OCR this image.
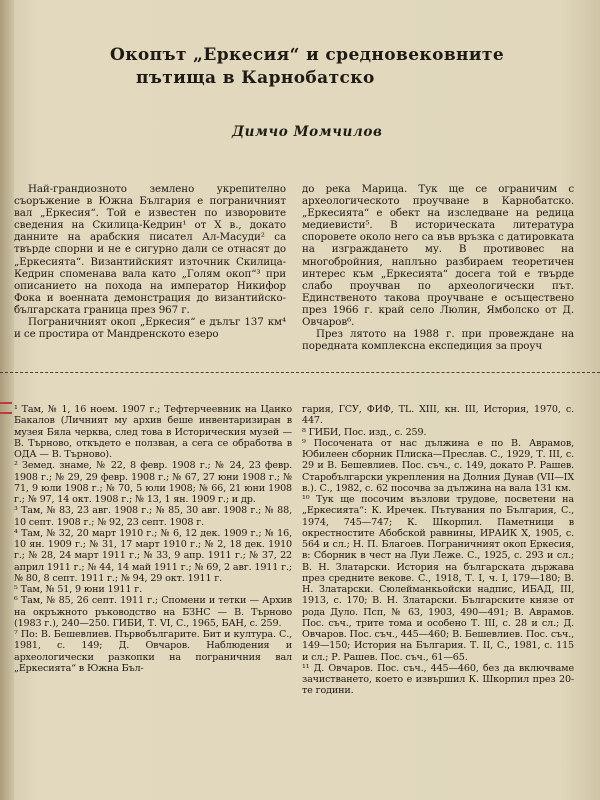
Окопът „Еркесия“ и средновековните
пътища в Карнобатско
Димчо Момчилов

Най-грандиозното землено укрепително съоръжение в Южна България е пограничният вал „Еркесия“. Той е известен по изворовите сведения на Скилица-Кедрин¹ от X в., докато данните на арабския писател Ал-Масуди² са твърде спорни и не е сигурно дали се отнасят до „Еркесията“. Византийският източник Скилица-Кедрин споменава вала като „Голям окоп“³ при описанието на похода на император Никифор Фока и военната демонстрация до византийско-българската граница през 967 г.

Пограничният окоп „Еркесия“ е дълъг 137 км⁴ и се простира от Мандренското езеро

до река Марица. Тук ще се ограничим с археологическото проучване в Карнобатско. „Еркесията“ е обект на изследване на редица медиевисти⁵. В историческата литература споровете около него са във връзка с датировката на изграждането му. В противовес на многобройния, наплъно разбираем теоретичен интерес към „Еркесията“ досега той е твърде слабо проучван по археологически път. Единственото такова проучване е осъществено през 1966 г. край село Люлин, Ямболско от Д. Овчаров⁶.

През лятото на 1988 г. при провеждане на поредната комплексна експедиция за проуч

¹ Там, № 1, 16 ноем. 1907 г.; Тефтерчеевник на Цанко Бакалов (Личният му архив беше инвентаризиран в музея Бяла черква, след това в Историческия музей — В. Търново, откъдето е ползван, а сега се обработва в ОДА — В. Търново).

² Земед. знаме, № 22, 8 февр. 1908 г.; № 24, 23 февр. 1908 г.; № 29, 29 февр. 1908 г.; № 67, 27 юни 1908 г.; № 71, 9 юли 1908 г.; № 70, 5 юли 1908; № 66, 21 юни 1908 г.; № 97, 14 окт. 1908 г.; № 13, 1 ян. 1909 г.; и др.

³ Там, № 83, 23 авг. 1908 г.; № 85, 30 авг. 1908 г.; № 88, 10 септ. 1908 г.; № 92, 23 септ. 1908 г.

⁴ Там, № 32, 20 март 1910 г.; № 6, 12 дек. 1909 г.; № 16, 10 ян. 1909 г.; № 31, 17 март 1910 г.; № 2, 18 дек. 1910 г.; № 28, 24 март 1911 г.; № 33, 9 апр. 1911 г.; № 37, 22 април 1911 г.; № 44, 14 май 1911 г.; № 69, 2 авг. 1911 г.; № 80, 8 септ. 1911 г.; № 94, 29 окт. 1911 г.

⁵ Там, № 51, 9 юни 1911 г.

⁶ Там, № 85, 26 септ. 1911 г.; Спомени и тетки — Архив на окръжното ръководство на БЗНС — В. Търново (1983 г.), 240—250. ГИБИ, Т. VI, С., 1965, БАН, с. 259.

⁷ По: В. Бешевлиев. Първобългарите. Бит и култура. С., 1981, с. 149; Д. Овчаров. Наблюдения и археологически разкопки на пограничния вал „Еркесията“ в Южна Бъл-

гария, ГСУ, ФИФ, TL. XIII, кн. III, История, 1970, с. 447.

⁸ ГИБИ, Пос. изд., с. 259.

⁹ Посочената от нас дължина е по В. Аврамов, Юбилеен сборник Плиска—Преслав. С., 1929, Т. III, с. 29 и В. Бешевлиев. Пос. съч., с. 149, докато Р. Рашев. Старобългарски укрепления на Долния Дунав (VII—IX в.). С., 1982, с. 62 посочва за дължина на вала 131 км.

¹⁰ Тук ще посочим възлови трудове, посветени на „Еркесията“: К. Иречек. Пътувания по България, С., 1974, 745—747; К. Шкорпил. Паметници в окрестностите Абобской равнины, ИРАИК Х, 1905, с. 564 и сл.; Н. П. Благоев. Пограничният окоп Еркесия, в: Сборник в чест на Луи Леже. С., 1925, с. 293 и сл.; В. Н. Златарски. История на българската държава през средните векове. С., 1918, Т. I, ч. I, 179—180; В. Н. Златарски. Сюлейманкьойски надпис, ИБАД, III, 1913, с. 170; В. Н. Златарски. Българските князе от рода Дуло. Псп, № 63, 1903, 490—491; В. Аврамов. Пос. съч., трите тома и особено Т. III, с. 28 и сл.; Д. Овчаров. Пос. съч., 445—460; В. Бешевлиев. Пос. съч., 149—150; История на България. Т. II, С., 1981, с. 115 и сл.; Р. Рашев. Пос. съч., 61—65.

¹¹ Д. Овчаров. Пос. съч., 445—460, без да включваме зачистването, което е извършил К. Шкорпил през 20-те години.
